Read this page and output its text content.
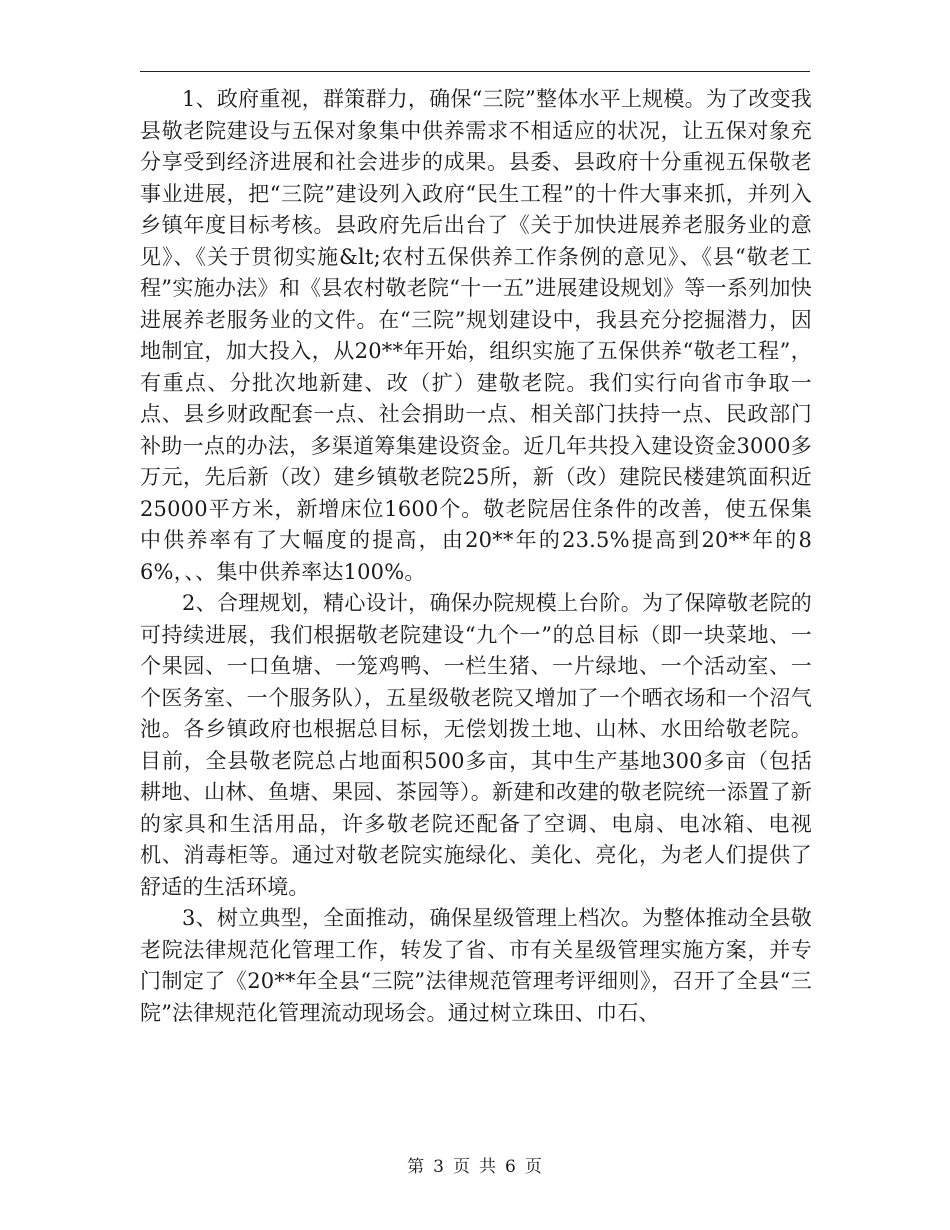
1、政府重视，群策群力，确保“三院”整体水平上规模。为了改变我县敬老院建设与五保对象集中供养需求不相适应的状况，让五保对象充分享受到经济进展和社会进步的成果。县委、县政府十分重视五保敬老事业进展，把“三院”建设列入政府“民生工程”的十件大事来抓，并列入乡镇年度目标考核。县政府先后出台了《关于加快进展养老服务业的意见》、《关于贯彻实施&lt;农村五保供养工作条例的意见》、《县“敬老工程”实施办法》和《县农村敬老院“十一五”进展建设规划》等一系列加快进展养老服务业的文件。在“三院”规划建设中，我县充分挖掘潜力，因地制宜，加大投入，从20**年开始，组织实施了五保供养“敬老工程”，有重点、分批次地新建、改（扩）建敬老院。我们实行向省市争取一点、县乡财政配套一点、社会捐助一点、相关部门扶持一点、民政部门补助一点的办法，多渠道筹集建设资金。近几年共投入建设资金3000多万元，先后新（改）建乡镇敬老院25所，新（改）建院民楼建筑面积近25000平方米，新增床位1600个。敬老院居住条件的改善，使五保集中供养率有了大幅度的提高，由20**年的23.5%提高到20**年的86%，、、集中供养率达100%。

2、合理规划，精心设计，确保办院规模上台阶。为了保障敬老院的可持续进展，我们根据敬老院建设“九个一”的总目标（即一块菜地、一个果园、一口鱼塘、一笼鸡鸭、一栏生猪、一片绿地、一个活动室、一个医务室、一个服务队），五星级敬老院又增加了一个晒衣场和一个沼气池。各乡镇政府也根据总目标，无偿划拨土地、山林、水田给敬老院。目前，全县敬老院总占地面积500多亩，其中生产基地300多亩（包括耕地、山林、鱼塘、果园、茶园等）。新建和改建的敬老院统一添置了新的家具和生活用品，许多敬老院还配备了空调、电扇、电冰箱、电视机、消毒柜等。通过对敬老院实施绿化、美化、亮化，为老人们提供了舒适的生活环境。

3、树立典型，全面推动，确保星级管理上档次。为整体推动全县敬老院法律规范化管理工作，转发了省、市有关星级管理实施方案，并专门制定了《20**年全县“三院”法律规范管理考评细则》，召开了全县“三院”法律规范化管理流动现场会。通过树立珠田、巾石、

第 3 页 共 6 页
